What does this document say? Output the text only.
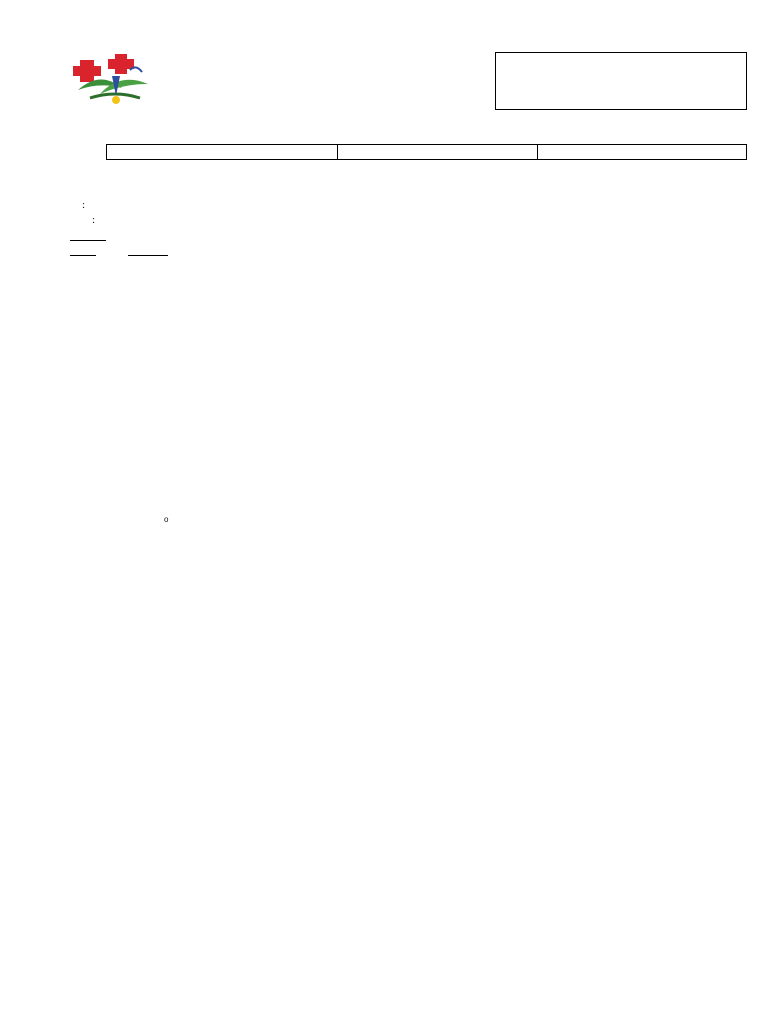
:
:

o
